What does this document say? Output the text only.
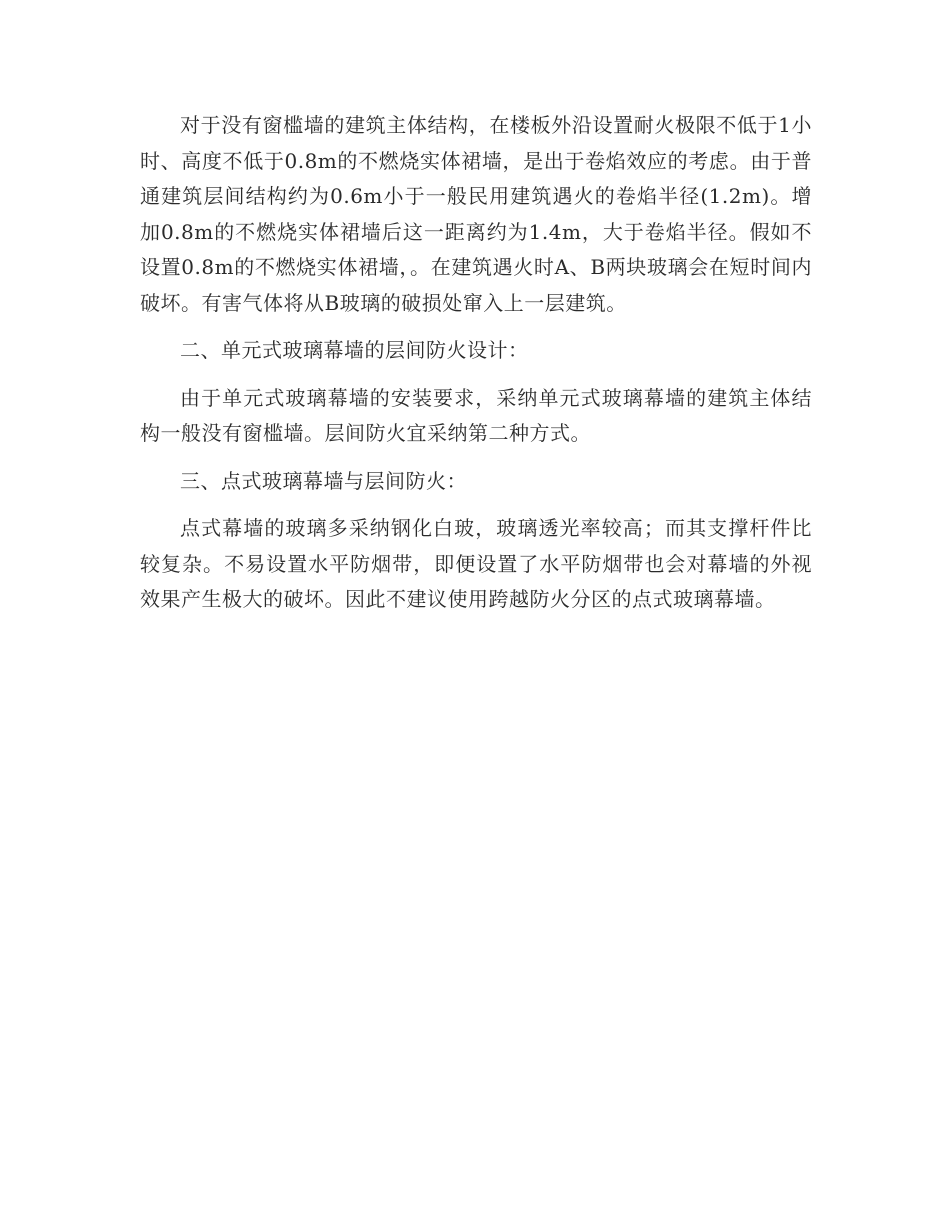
对于没有窗槛墙的建筑主体结构，在楼板外沿设置耐火极限不低于1小时、高度不低于0.8m的不燃烧实体裙墙，是出于卷焰效应的考虑。由于普通建筑层间结构约为0.6m小于一般民用建筑遇火的卷焰半径(1.2m)。增加0.8m的不燃烧实体裙墙后这一距离约为1.4m，大于卷焰半径。假如不设置0.8m的不燃烧实体裙墙，。在建筑遇火时A、B两块玻璃会在短时间内破坏。有害气体将从B玻璃的破损处窜入上一层建筑。

二、单元式玻璃幕墙的层间防火设计：

由于单元式玻璃幕墙的安装要求，采纳单元式玻璃幕墙的建筑主体结构一般没有窗槛墙。层间防火宜采纳第二种方式。

三、点式玻璃幕墙与层间防火：

点式幕墙的玻璃多采纳钢化白玻，玻璃透光率较高；而其支撑杆件比较复杂。不易设置水平防烟带，即便设置了水平防烟带也会对幕墙的外视效果产生极大的破坏。因此不建议使用跨越防火分区的点式玻璃幕墙。
